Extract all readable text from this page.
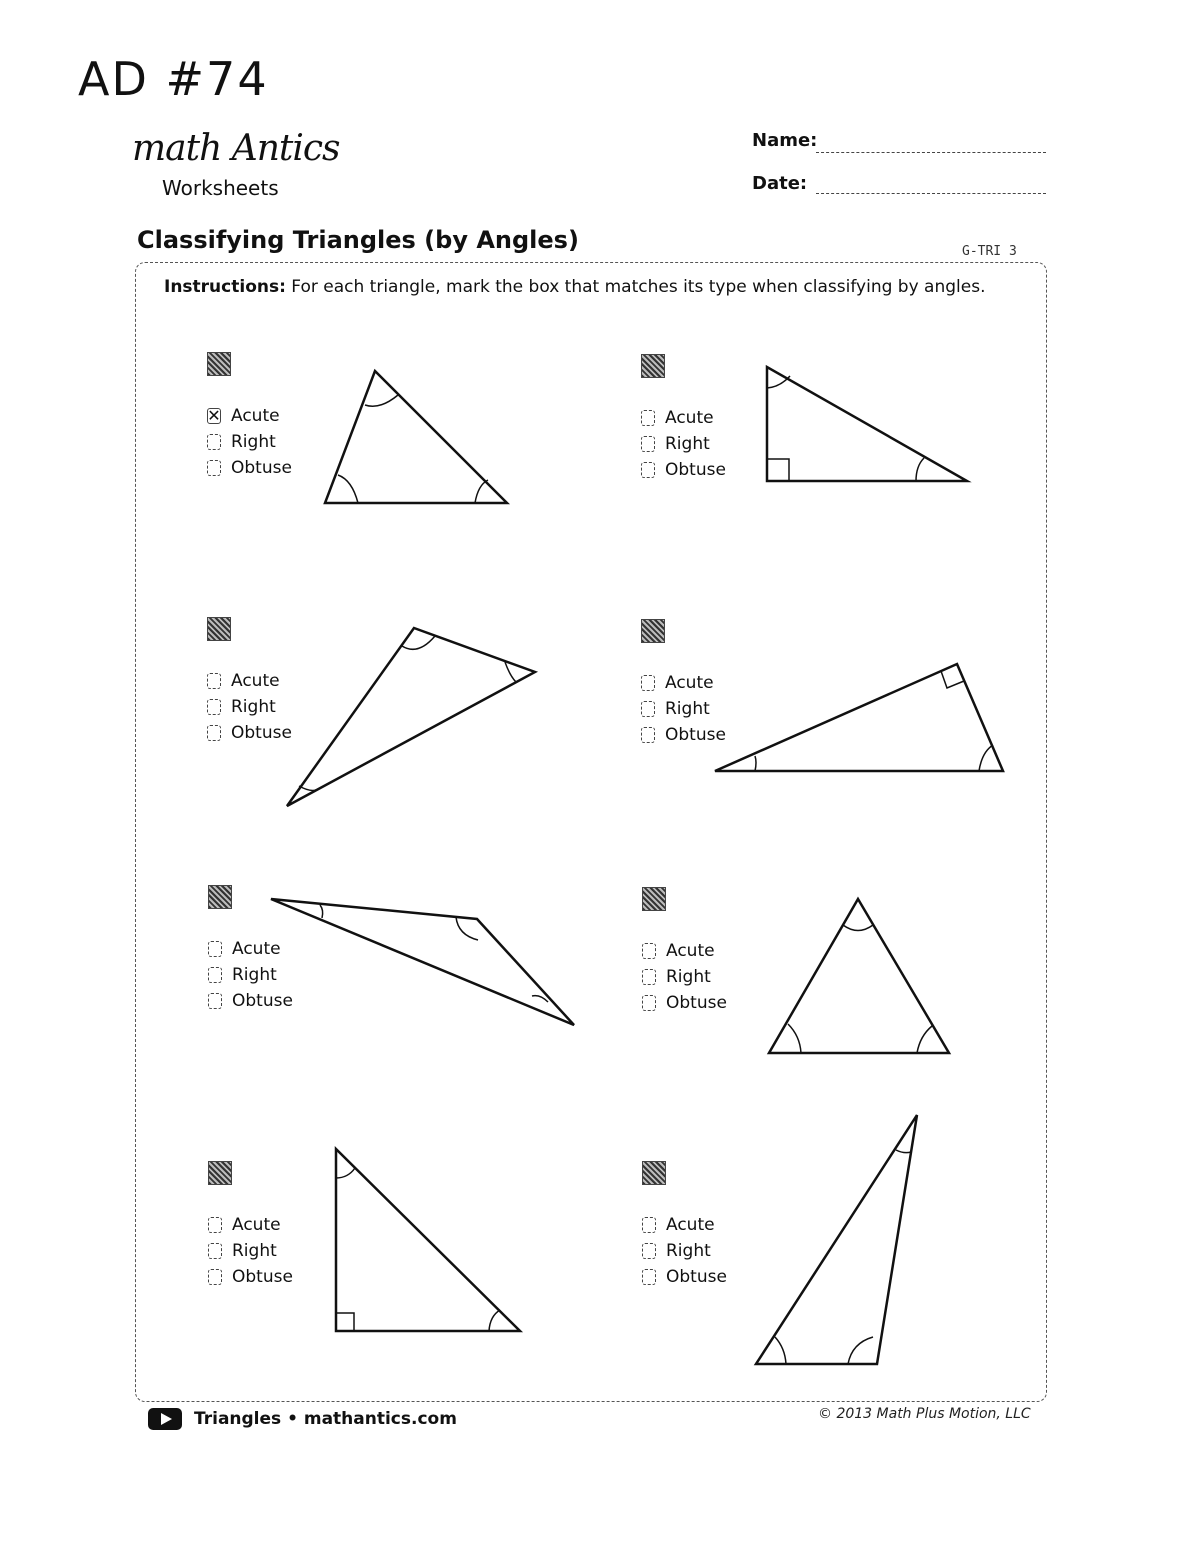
AD #74
math Antics
Worksheets
Name:
Date:
Classifying Triangles (by Angles)	G-TRI 3
Instructions: For each triangle, mark the box that matches its type when classifying by angles.
✕ Acute
Right
Obtuse
Acute
Right
Obtuse
Acute
Right
Obtuse
Acute
Right
Obtuse
Acute
Right
Obtuse
Acute
Right
Obtuse
Acute
Right
Obtuse
Acute
Right
Obtuse
Triangles • mathantics.com	© 2013 Math Plus Motion, LLC
